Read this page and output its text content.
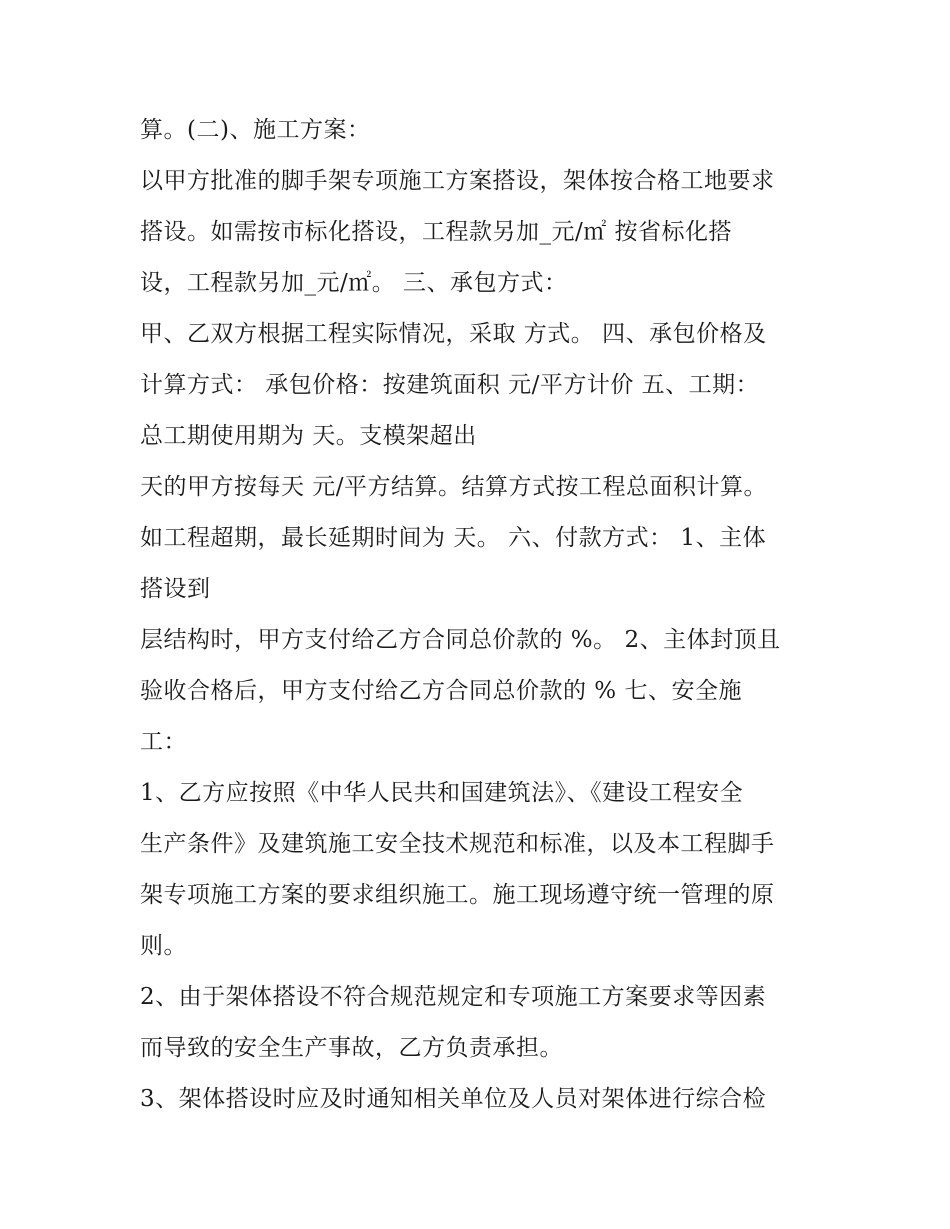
算。(二)、施工方案：
以甲方批准的脚手架专项施工方案搭设，架体按合格工地要求
搭设。如需按市标化搭设，工程款另加_元/㎡ 按省标化搭
设，工程款另加_元/㎡。 三、承包方式：
甲、乙双方根据工程实际情况，采取 方式。 四、承包价格及
计算方式： 承包价格：按建筑面积 元/平方计价 五、工期：
总工期使用期为 天。支模架超出
天的甲方按每天 元/平方结算。结算方式按工程总面积计算。
如工程超期，最长延期时间为 天。 六、付款方式： 1、主体
搭设到
层结构时，甲方支付给乙方合同总价款的 %。 2、主体封顶且
验收合格后，甲方支付给乙方合同总价款的 % 七、安全施
工：
1、乙方应按照《中华人民共和国建筑法》、《建设工程安全
生产条件》及建筑施工安全技术规范和标准，以及本工程脚手
架专项施工方案的要求组织施工。施工现场遵守统一管理的原
则。
2、由于架体搭设不符合规范规定和专项施工方案要求等因素
而导致的安全生产事故，乙方负责承担。
3、架体搭设时应及时通知相关单位及人员对架体进行综合检
